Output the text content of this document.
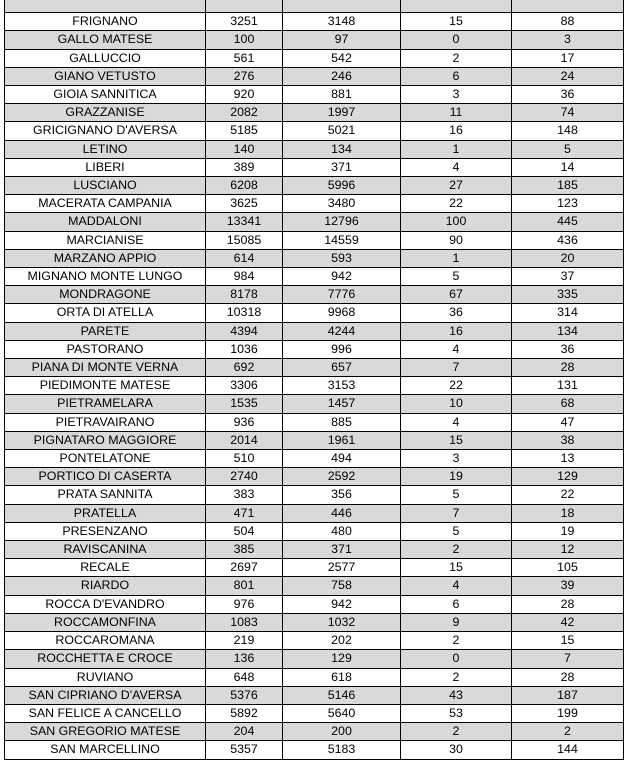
FRIGNANO	3251	3148	15	88
GALLO MATESE	100	97	0	3
GALLUCCIO	561	542	2	17
GIANO VETUSTO	276	246	6	24
GIOIA SANNITICA	920	881	3	36
GRAZZANISE	2082	1997	11	74
GRICIGNANO D'AVERSA	5185	5021	16	148
LETINO	140	134	1	5
LIBERI	389	371	4	14
LUSCIANO	6208	5996	27	185
MACERATA CAMPANIA	3625	3480	22	123
MADDALONI	13341	12796	100	445
MARCIANISE	15085	14559	90	436
MARZANO APPIO	614	593	1	20
MIGNANO MONTE LUNGO	984	942	5	37
MONDRAGONE	8178	7776	67	335
ORTA DI ATELLA	10318	9968	36	314
PARETE	4394	4244	16	134
PASTORANO	1036	996	4	36
PIANA DI MONTE VERNA	692	657	7	28
PIEDIMONTE MATESE	3306	3153	22	131
PIETRAMELARA	1535	1457	10	68
PIETRAVAIRANO	936	885	4	47
PIGNATARO MAGGIORE	2014	1961	15	38
PONTELATONE	510	494	3	13
PORTICO DI CASERTA	2740	2592	19	129
PRATA SANNITA	383	356	5	22
PRATELLA	471	446	7	18
PRESENZANO	504	480	5	19
RAVISCANINA	385	371	2	12
RECALE	2697	2577	15	105
RIARDO	801	758	4	39
ROCCA D'EVANDRO	976	942	6	28
ROCCAMONFINA	1083	1032	9	42
ROCCAROMANA	219	202	2	15
ROCCHETTA E CROCE	136	129	0	7
RUVIANO	648	618	2	28
SAN CIPRIANO D'AVERSA	5376	5146	43	187
SAN FELICE A CANCELLO	5892	5640	53	199
SAN GREGORIO MATESE	204	200	2	2
SAN MARCELLINO	5357	5183	30	144
